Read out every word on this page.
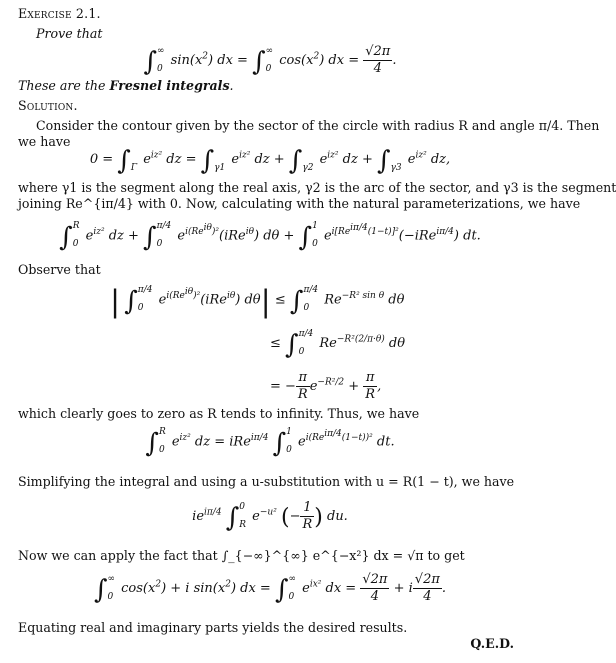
Exercise 2.1.
Prove that
∫∞

0 $\sin(x^2)$ dx = ∫∞

0 $\cos(x^2)$ dx = $\frac{√2\pi}{4}$ .
These are the Fresnel integrals.
Solution.
Consider the contour given by the sector of the circle with radius R and angle π/4. Then
we have
0 = ∫

Γ $e^{iz^2}$ dz = ∫

γ1 $e^{iz^2}$ dz + ∫

γ2 $e^{iz^2}$ dz + ∫

γ3 $e^{iz^2}$ dz,
where γ1 is the segment along the real axis, γ2 is the arc of the sector, and γ3 is the segment
joining Re^{iπ/4} with 0. Now, calculating with the natural parameterizations, we have
∫R

0 $e^{iz^2}$ dz + ∫π/4

0 $e^{i(Re^{i\theta})^2}(iRe^{i\theta}) d\theta + \int 1$

0 $e^{i[Re^{i\pi/4}(1-t)]^2}(-iRe^{i\pi/4})$ dt.
Observe that
| ∫π/4

0 $e^{i(Re^{i\theta})^2}(iRe^{i\theta}) d\theta| \le \int\pi/4$

0 $Re^{-R^2 sin \theta}$ dθ
≤ ∫π/4

0 $Re^{-R^2(2/\pi\cdot\theta)}$ dθ
= − $\frac{\pi}{R} e^{-R^2/2} + \frac{\pi}{R}$ ,
which clearly goes to zero as R tends to infinity. Thus, we have
∫R

0 $e^{iz^2}$ dz = iRe$^{i\pi/4}$ ∫1

0 $e^{i(Re^{i\pi/4}(1-t))^2}$ dt.
Simplifying the integral and using a u-substitution with u = R(1 − t), we have
$ie^{i\pi/4}$ ∫0

R $e^{-u^2}$ (− $\frac{1}{R}$ ) du.
Now we can apply the fact that ∫_{−∞}^{∞} e^{−x²} dx = √π to get
∫∞

0 $\cos(x^2) + i$ $\sin(x^2)$ dx = ∫∞

0 $e^{ix^2}$ dx = $\frac{√2\pi}{4} + i \frac{√2\pi}{4}$ .
Equating real and imaginary parts yields the desired results.
Q.E.D.
